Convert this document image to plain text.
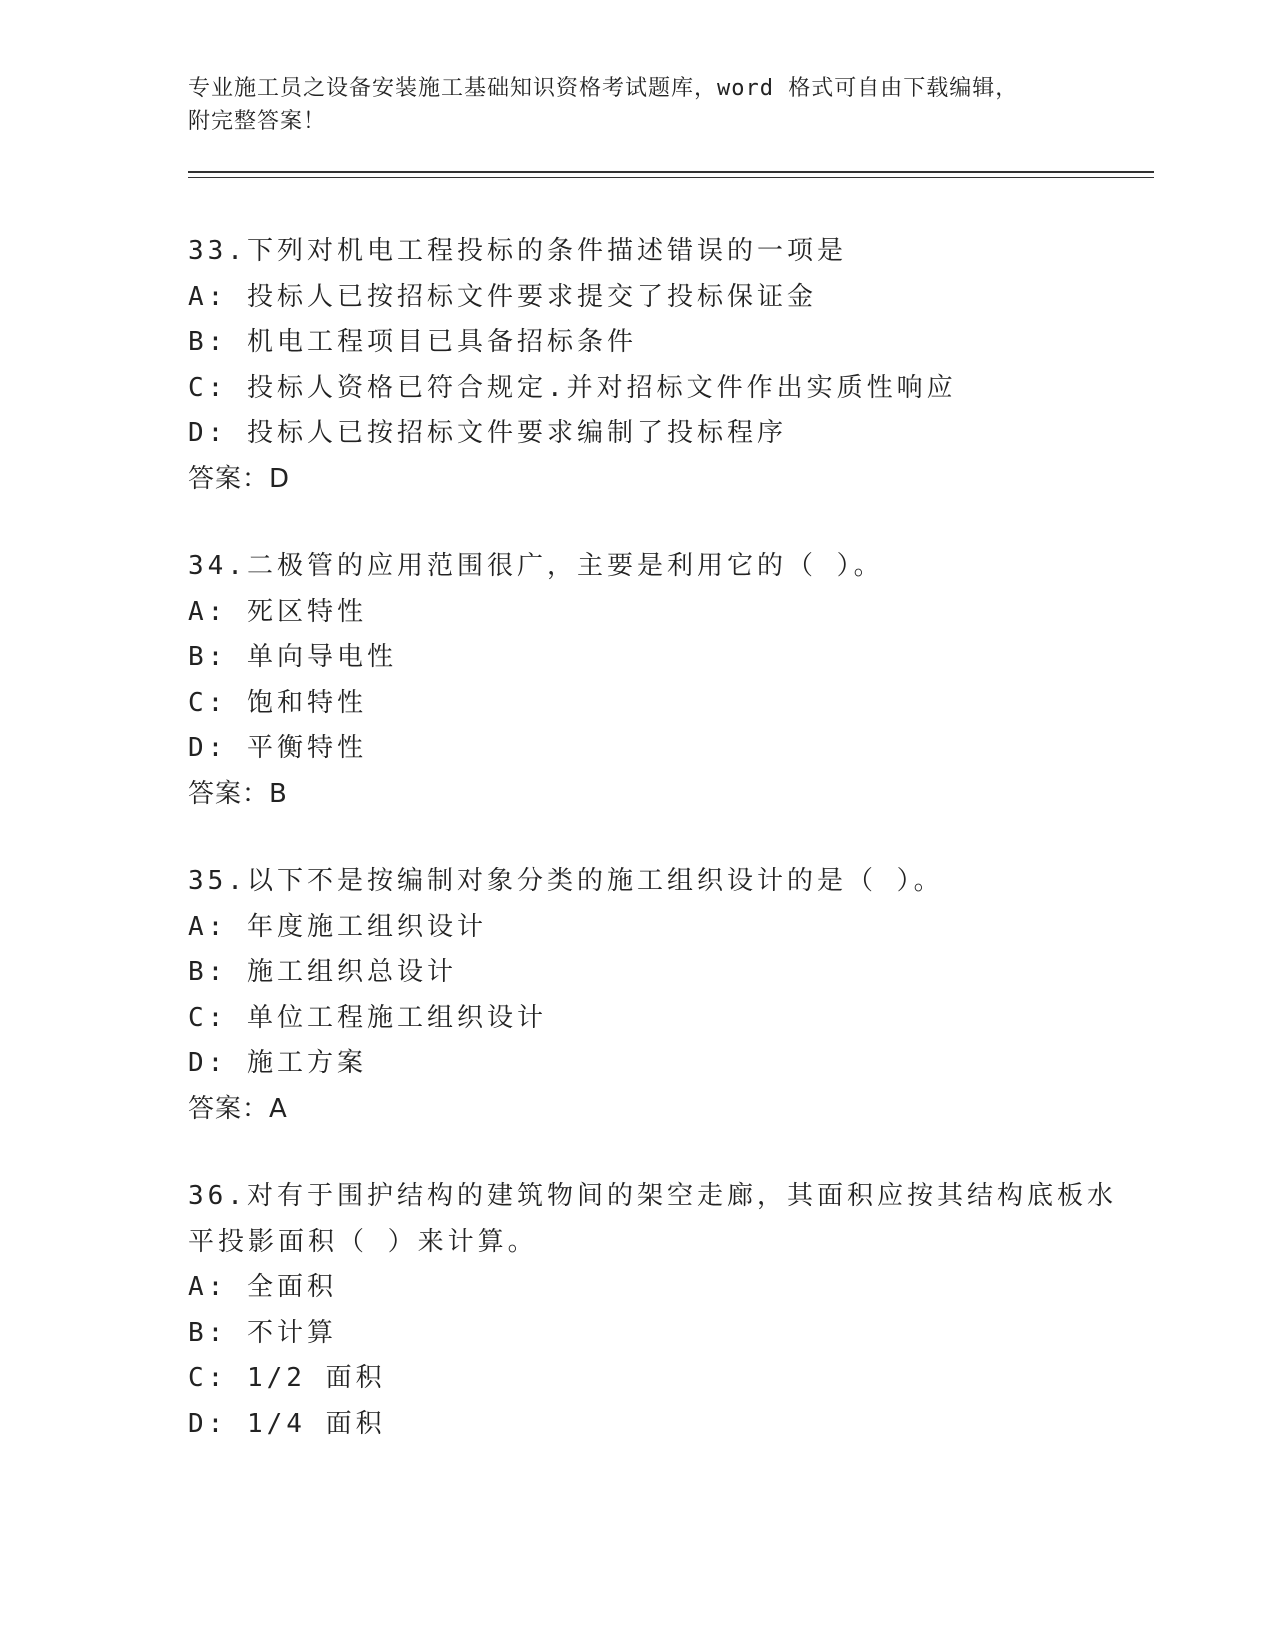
专业施工员之设备安装施工基础知识资格考试题库，word 格式可自由下载编辑，
附完整答案！
33.下列对机电工程投标的条件描述错误的一项是
A: 投标人已按招标文件要求提交了投标保证金
B: 机电工程项目已具备招标条件
C: 投标人资格已符合规定.并对招标文件作出实质性响应
D: 投标人已按招标文件要求编制了投标程序
答案：D
34.二极管的应用范围很广，主要是利用它的（ ）。
A: 死区特性
B: 单向导电性
C: 饱和特性
D: 平衡特性
答案：B
35.以下不是按编制对象分类的施工组织设计的是（ ）。
A: 年度施工组织设计
B: 施工组织总设计
C: 单位工程施工组织设计
D: 施工方案
答案：A
36.对有于围护结构的建筑物间的架空走廊，其面积应按其结构底板水
平投影面积（ ）来计算。
A: 全面积
B: 不计算
C: 1/2 面积
D: 1/4 面积
